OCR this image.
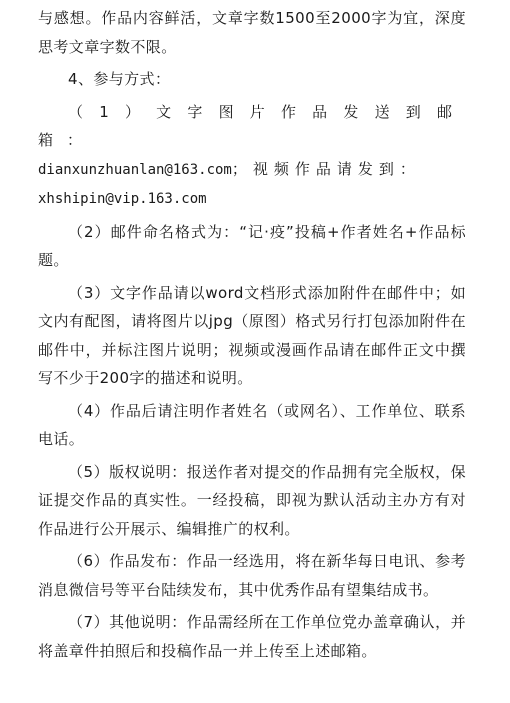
与感想。作品内容鲜活，文章字数1500至2000字为宜，深度思考文章字数不限。

4、参与方式：

（1）文字图片作品发送到邮箱：
dianxunzhuanlan@163.com；视频作品请发到：
xhshipin@vip.163.com

（2）邮件命名格式为：“记·疫”投稿+作者姓名+作品标题。

（3）文字作品请以word文档形式添加附件在邮件中；如文内有配图，请将图片以jpg（原图）格式另行打包添加附件在邮件中，并标注图片说明；视频或漫画作品请在邮件正文中撰写不少于200字的描述和说明。

（4）作品后请注明作者姓名（或网名）、工作单位、联系电话。

（5）版权说明：报送作者对提交的作品拥有完全版权，保证提交作品的真实性。一经投稿，即视为默认活动主办方有对作品进行公开展示、编辑推广的权利。

（6）作品发布：作品一经选用，将在新华每日电讯、参考消息微信号等平台陆续发布，其中优秀作品有望集结成书。

（7）其他说明：作品需经所在工作单位党办盖章确认，并将盖章件拍照后和投稿作品一并上传至上述邮箱。
